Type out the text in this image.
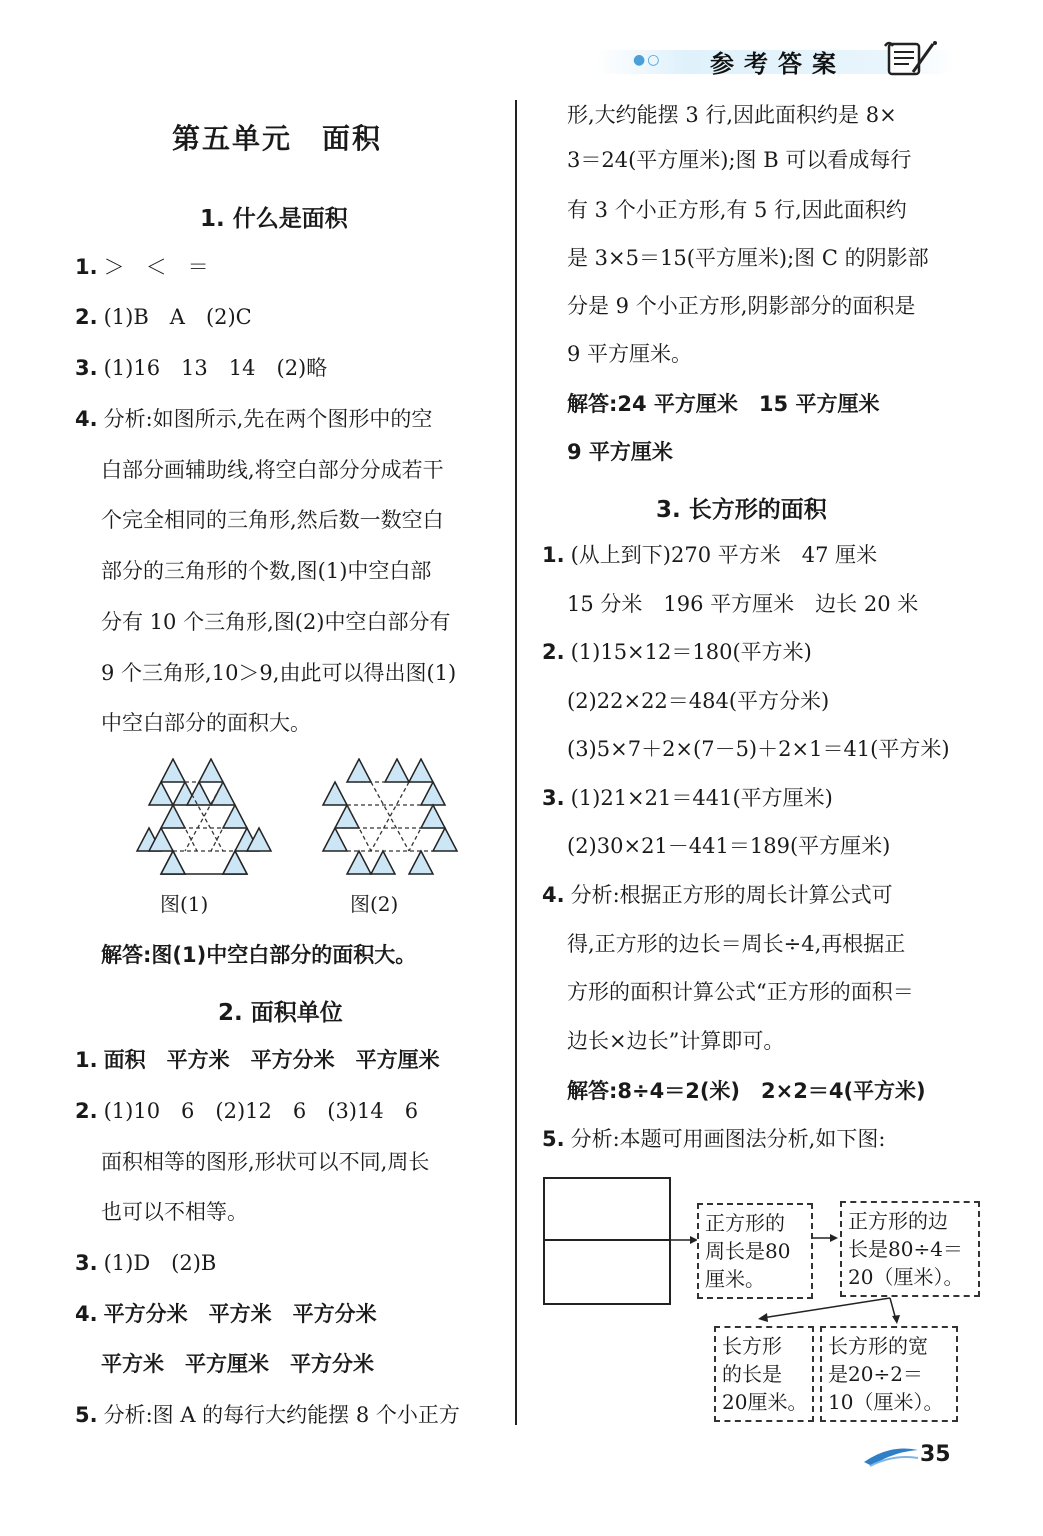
●○ 参考答案
第五单元　面积
1. 什么是面积
1. ＞　＜　＝
2. (1)B　A　(2)C
3. (1)16　13　14　(2)略
4. 分析:如图所示,先在两个图形中的空
白部分画辅助线,将空白部分分成若干
个完全相同的三角形,然后数一数空白
部分的三角形的个数,图(1)中空白部
分有 10 个三角形,图(2)中空白部分有
9 个三角形,10＞9,由此可以得出图(1)
中空白部分的面积大。
图(1)	图(2)
解答:图(1)中空白部分的面积大。
2. 面积单位
1. 面积　平方米　平方分米　平方厘米
2. (1)10　6　(2)12　6　(3)14　6
面积相等的图形,形状可以不同,周长
也可以不相等。
3. (1)D　(2)B
4. 平方分米　平方米　平方分米
平方米　平方厘米　平方分米
5. 分析:图 A 的每行大约能摆 8 个小正方
形,大约能摆 3 行,因此面积约是 8×
3＝24(平方厘米);图 B 可以看成每行
有 3 个小正方形,有 5 行,因此面积约
是 3×5＝15(平方厘米);图 C 的阴影部
分是 9 个小正方形,阴影部分的面积是
9 平方厘米。
解答:24 平方厘米　15 平方厘米
9 平方厘米
3. 长方形的面积
1. (从上到下)270 平方米　47 厘米
15 分米　196 平方厘米　边长 20 米
2. (1)15×12＝180(平方米)
(2)22×22＝484(平方分米)
(3)5×7＋2×(7－5)＋2×1＝41(平方米)
3. (1)21×21＝441(平方厘米)
(2)30×21－441＝189(平方厘米)
4. 分析:根据正方形的周长计算公式可
得,正方形的边长＝周长÷4,再根据正
方形的面积计算公式“正方形的面积＝
边长×边长”计算即可。
解答:8÷4＝2(米)　2×2＝4(平方米)
5. 分析:本题可用画图法分析,如下图:
正方形的
周长是80
厘米。
正方形的边
长是80÷4＝
20（厘米）。
长方形
的长是
20厘米。
长方形的宽
是20÷2＝
10（厘米）。
35
